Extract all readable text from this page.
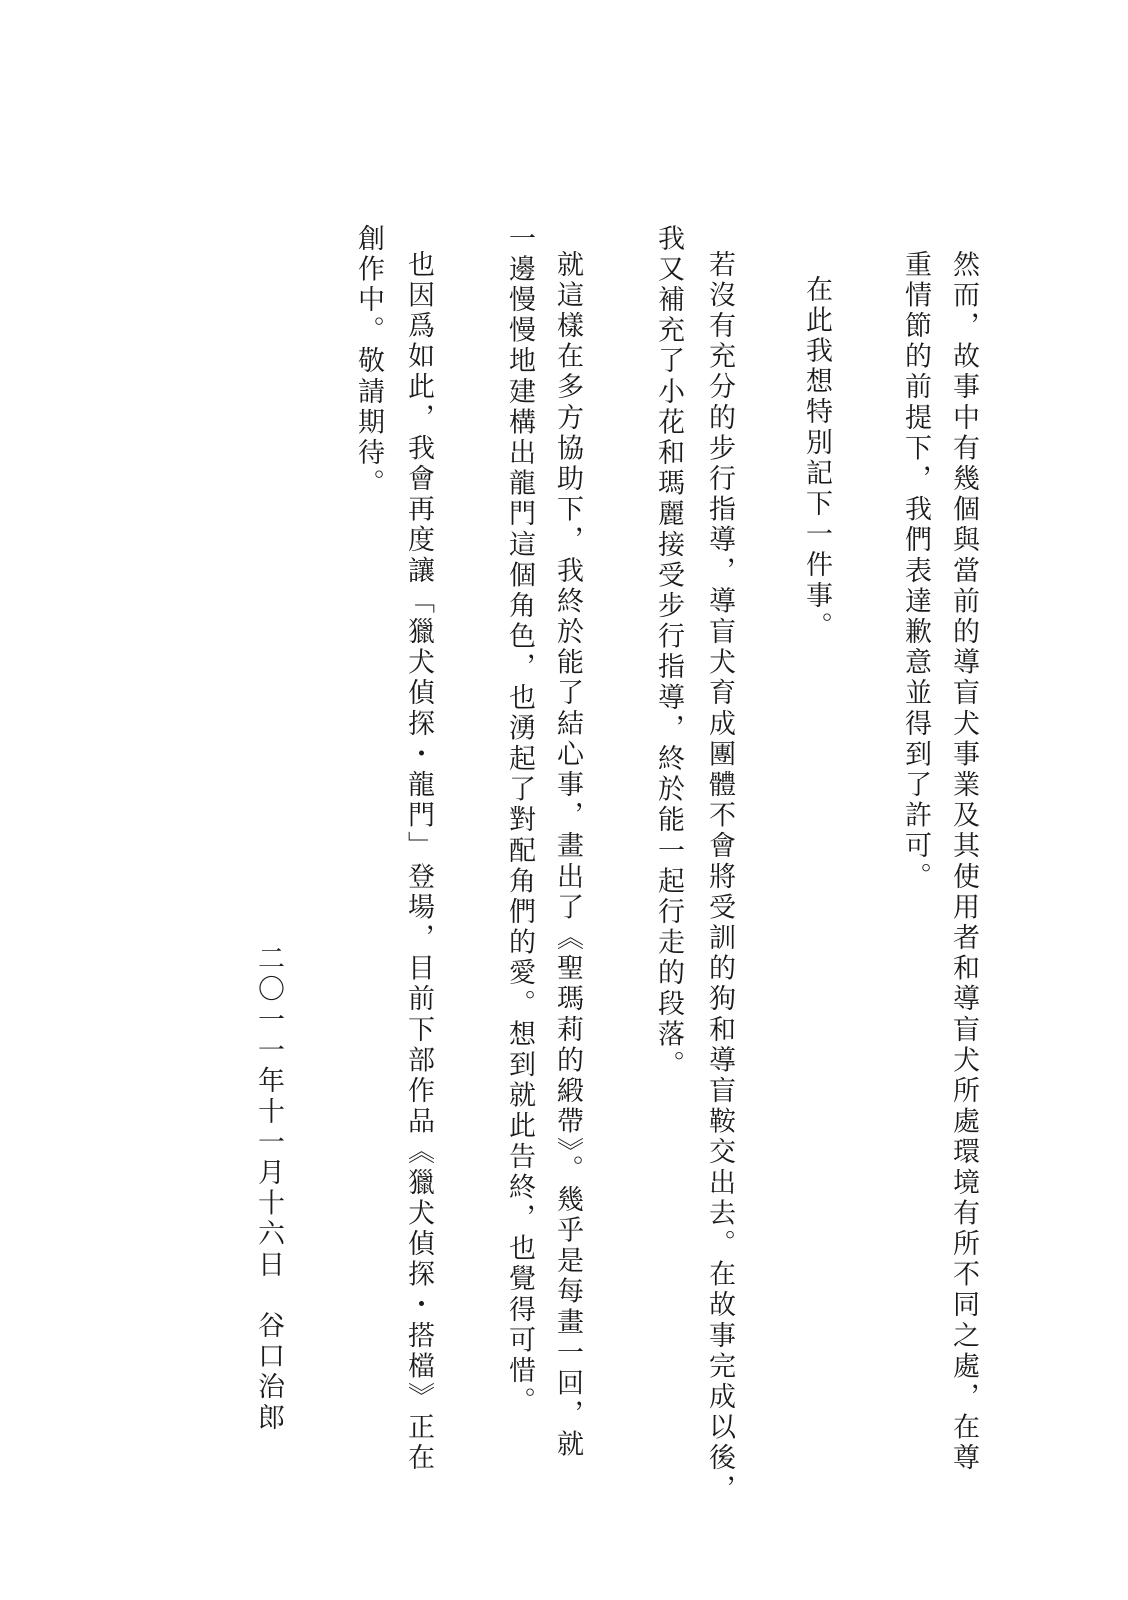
然而，故事中有幾個與當前的導盲犬事業及其使用者和導盲犬所處環境有所不同之處，在尊
重情節的前提下，我們表達歉意並得到了許可。
在此我想特別記下一件事。
若沒有充分的步行指導，導盲犬育成團體不會將受訓的狗和導盲鞍交出去。在故事完成以後，
我又補充了小花和瑪麗接受步行指導，終於能一起行走的段落。
就這樣在多方協助下，我終於能了結心事，畫出了《聖瑪莉的緞帶》。幾乎是每畫一回，就
一邊慢慢地建構出龍門這個角色，也湧起了對配角們的愛。想到就此告終，也覺得可惜。
也因爲如此，我會再度讓「獵犬偵探・龍門」登場，目前下部作品《獵犬偵探・搭檔》正在
創作中。敬請期待。
二〇一一年十一月十六日　谷口治郎
